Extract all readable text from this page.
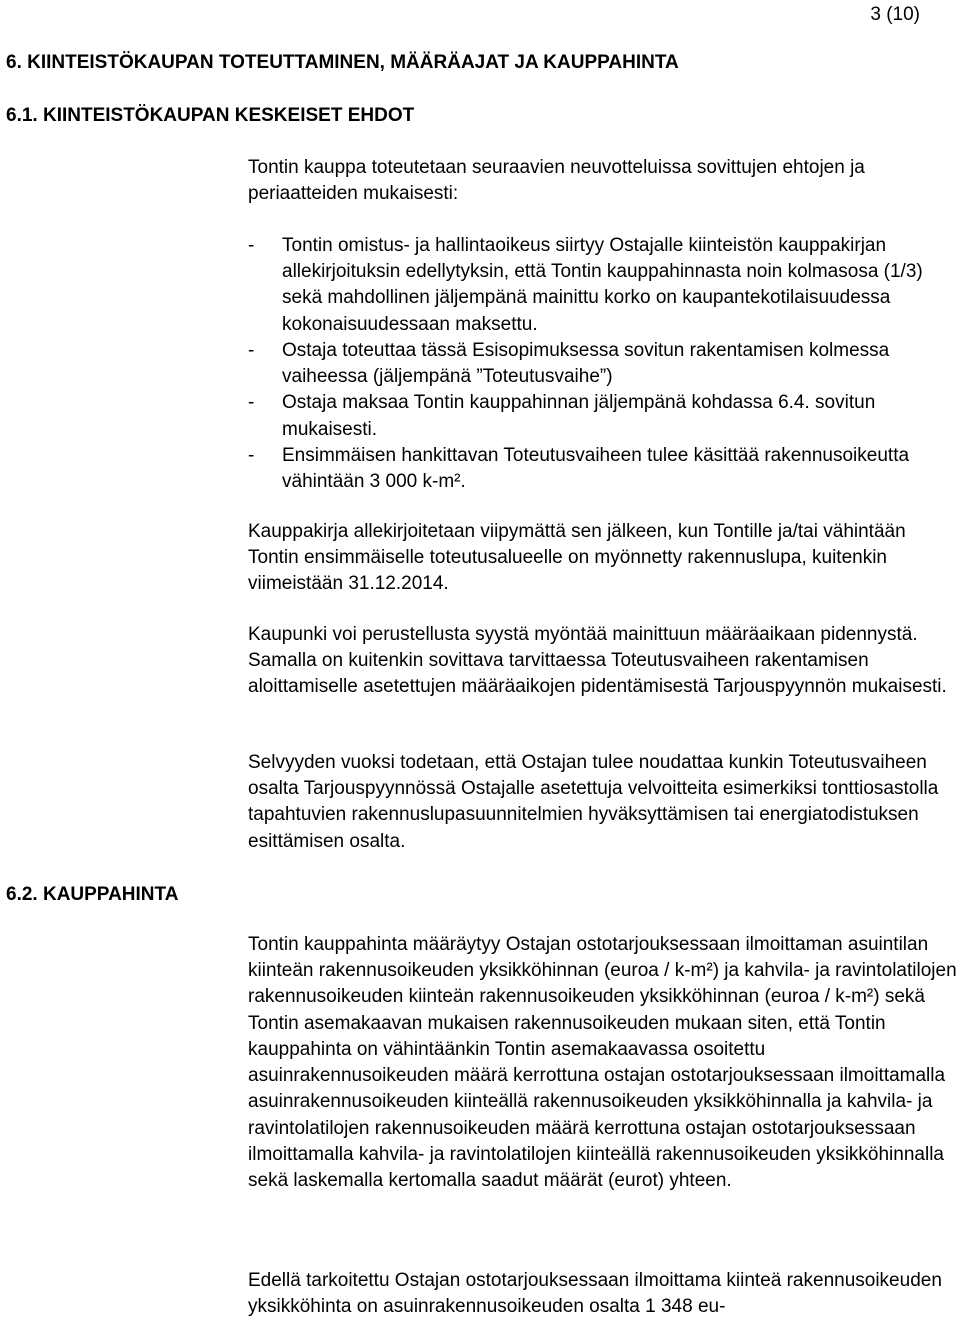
3 (10)
6. KIINTEISTÖKAUPAN TOTEUTTAMINEN, MÄÄRÄAJAT JA KAUPPAHINTA
6.1. KIINTEISTÖKAUPAN KESKEISET EHDOT
6.2. KAUPPAHINTA

Tontin kauppa toteutetaan seuraavien neuvotteluissa sovittujen ehtojen ja periaatteiden mukaisesti:

- Tontin omistus- ja hallintaoikeus siirtyy Ostajalle kiinteistön kauppakirjan allekirjoituksin edellytyksin, että Tontin kauppahinnasta noin kolmasosa (1/3) sekä mahdollinen jäljempänä mainittu korko on kaupantekotilaisuudessa kokonaisuudessaan maksettu.
- Ostaja toteuttaa tässä Esisopimuksessa sovitun rakentamisen kolmessa vaiheessa (jäljempänä ”Toteutusvaihe”)
- Ostaja maksaa Tontin kauppahinnan jäljempänä kohdassa 6.4. sovitun mukaisesti.
- Ensimmäisen hankittavan Toteutusvaiheen tulee käsittää rakennusoikeutta vähintään 3 000 k-m².

Kauppakirja allekirjoitetaan viipymättä sen jälkeen, kun Tontille ja/tai vähintään Tontin ensimmäiselle toteutusalueelle on myönnetty rakennuslupa, kuitenkin viimeistään 31.12.2014.

Kaupunki voi perustellusta syystä myöntää mainittuun määräaikaan pidennystä. Samalla on kuitenkin sovittava tarvittaessa Toteutusvaiheen rakentamisen aloittamiselle asetettujen määräaikojen pidentämisestä Tarjouspyynnön mukaisesti.

Selvyyden vuoksi todetaan, että Ostajan tulee noudattaa kunkin Toteutusvaiheen osalta Tarjouspyynnössä Ostajalle asetettuja velvoitteita esimerkiksi tonttiosastolla tapahtuvien rakennuslupasuunnitelmien hyväksyttämisen tai energiatodistuksen esittämisen osalta.

Tontin kauppahinta määräytyy Ostajan ostotarjouksessaan ilmoittaman asuintilan kiinteän rakennusoikeuden yksikköhinnan (euroa / k-m²) ja kahvila- ja ravintolatilojen rakennusoikeuden kiinteän rakennusoikeuden yksikköhinnan (euroa / k-m²) sekä Tontin asemakaavan mukaisen rakennusoikeuden mukaan siten, että Tontin kauppahinta on vähintäänkin Tontin asemakaavassa osoitettu asuinrakennusoikeuden määrä kerrottuna ostajan ostotarjouksessaan ilmoittamalla asuinrakennusoikeuden kiinteällä rakennusoikeuden yksikköhinnalla ja kahvila- ja ravintolatilojen rakennusoikeuden määrä kerrottuna ostajan ostotarjouksessaan ilmoittamalla kahvila- ja ravintolatilojen kiinteällä rakennusoikeuden yksikköhinnalla sekä laskemalla kertomalla saadut määrät (eurot) yhteen.

Edellä tarkoitettu Ostajan ostotarjouksessaan ilmoittama kiinteä rakennusoikeuden yksikköhinta on asuinrakennusoikeuden osalta 1 348 eu-
